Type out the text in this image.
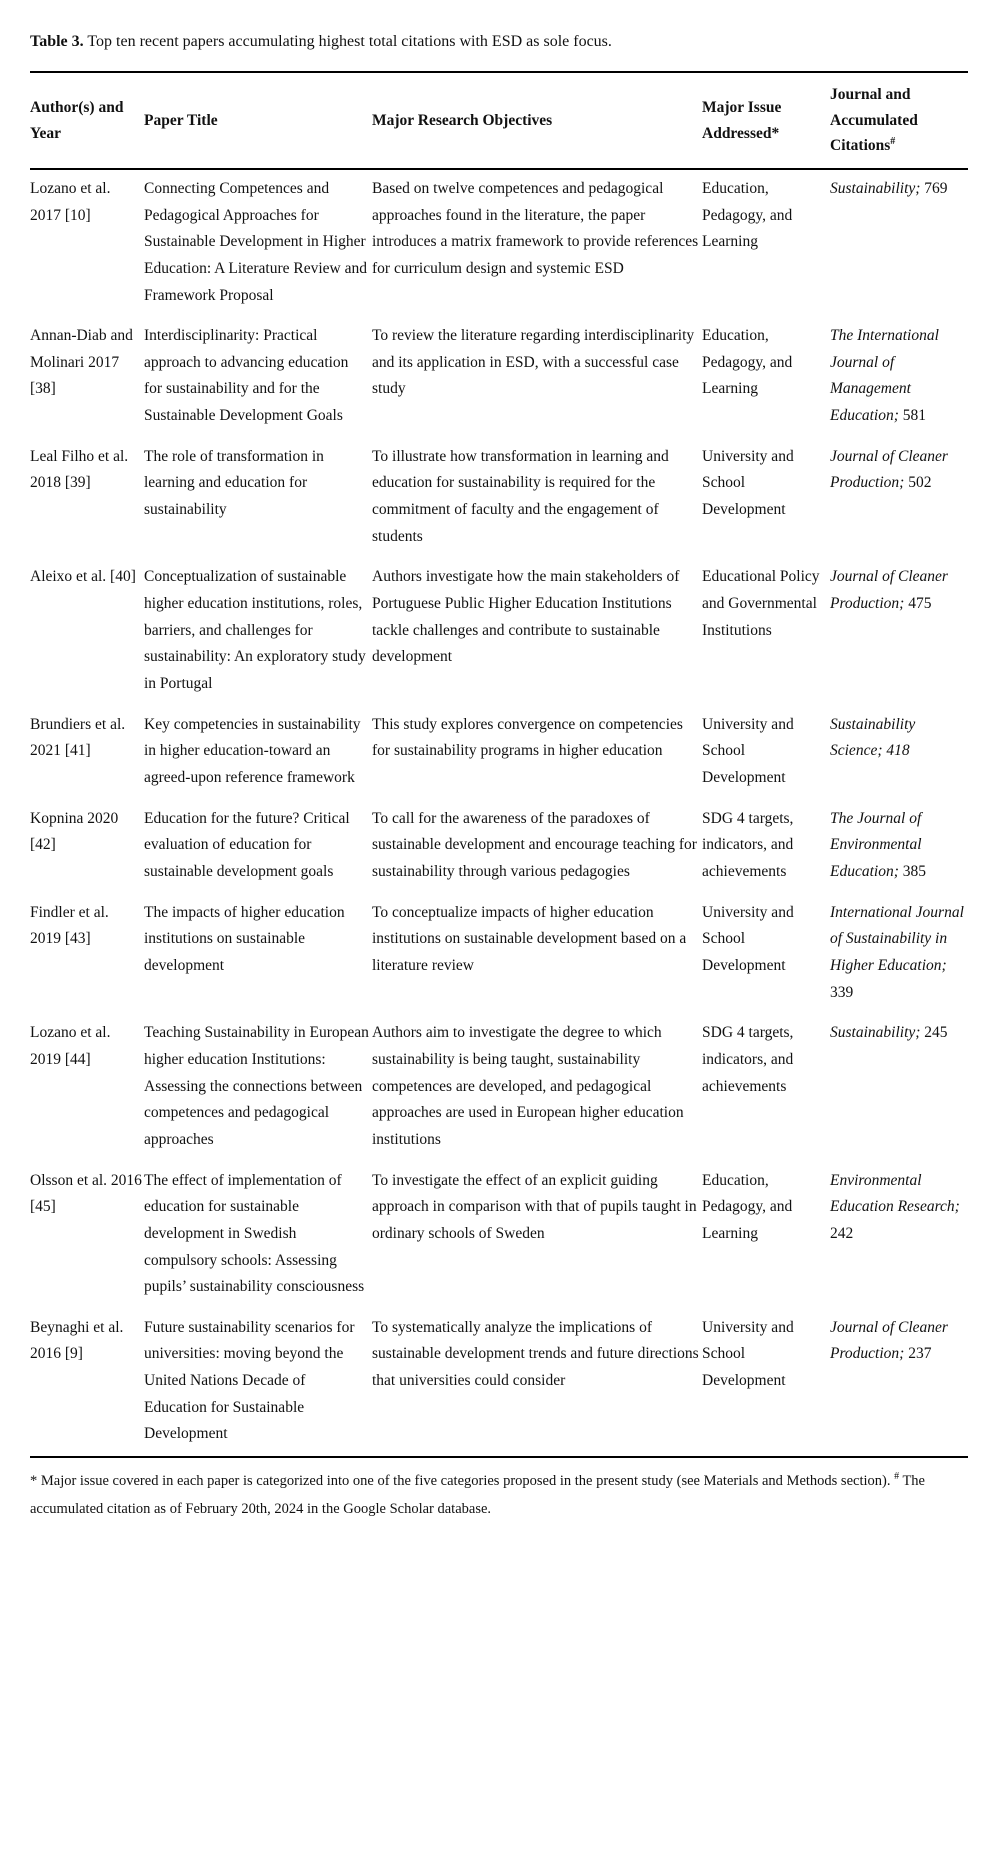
Table 3. Top ten recent papers accumulating highest total citations with ESD as sole focus.

Author(s) and Year	Paper Title	Major Research Objectives	Major Issue Addressed*	Journal and Accumulated Citations#
Lozano et al. 2017 [10]	Connecting Competences and Pedagogical Approaches for Sustainable Development in Higher Education: A Literature Review and Framework Proposal	Based on twelve competences and pedagogical approaches found in the literature, the paper introduces a matrix framework to provide references for curriculum design and systemic ESD	Education, Pedagogy, and Learning	Sustainability; 769
Annan-Diab and Molinari 2017 [38]	Interdisciplinarity: Practical approach to advancing education for sustainability and for the Sustainable Development Goals	To review the literature regarding interdisciplinarity and its application in ESD, with a successful case study	Education, Pedagogy, and Learning	The International Journal of Management Education; 581
Leal Filho et al. 2018 [39]	The role of transformation in learning and education for sustainability	To illustrate how transformation in learning and education for sustainability is required for the commitment of faculty and the engagement of students	University and School Development	Journal of Cleaner Production; 502
Aleixo et al. [40]	Conceptualization of sustainable higher education institutions, roles, barriers, and challenges for sustainability: An exploratory study in Portugal	Authors investigate how the main stakeholders of Portuguese Public Higher Education Institutions tackle challenges and contribute to sustainable development	Educational Policy and Governmental Institutions	Journal of Cleaner Production; 475
Brundiers et al. 2021 [41]	Key competencies in sustainability in higher education-toward an agreed-upon reference framework	This study explores convergence on competencies for sustainability programs in higher education	University and School Development	Sustainability Science; 418
Kopnina 2020 [42]	Education for the future? Critical evaluation of education for sustainable development goals	To call for the awareness of the paradoxes of sustainable development and encourage teaching for sustainability through various pedagogies	SDG 4 targets, indicators, and achievements	The Journal of Environmental Education; 385
Findler et al. 2019 [43]	The impacts of higher education institutions on sustainable development	To conceptualize impacts of higher education institutions on sustainable development based on a literature review	University and School Development	International Journal of Sustainability in Higher Education; 339
Lozano et al. 2019 [44]	Teaching Sustainability in European higher education Institutions: Assessing the connections between competences and pedagogical approaches	Authors aim to investigate the degree to which sustainability is being taught, sustainability competences are developed, and pedagogical approaches are used in European higher education institutions	SDG 4 targets, indicators, and achievements	Sustainability; 245
Olsson et al. 2016 [45]	The effect of implementation of education for sustainable development in Swedish compulsory schools: Assessing pupils’ sustainability consciousness	To investigate the effect of an explicit guiding approach in comparison with that of pupils taught in ordinary schools of Sweden	Education, Pedagogy, and Learning	Environmental Education Research; 242
Beynaghi et al. 2016 [9]	Future sustainability scenarios for universities: moving beyond the United Nations Decade of Education for Sustainable Development	To systematically analyze the implications of sustainable development trends and future directions that universities could consider	University and School Development	Journal of Cleaner Production; 237
* Major issue covered in each paper is categorized into one of the five categories proposed in the present study (see Materials and Methods section). # The accumulated citation as of February 20th, 2024 in the Google Scholar database.
